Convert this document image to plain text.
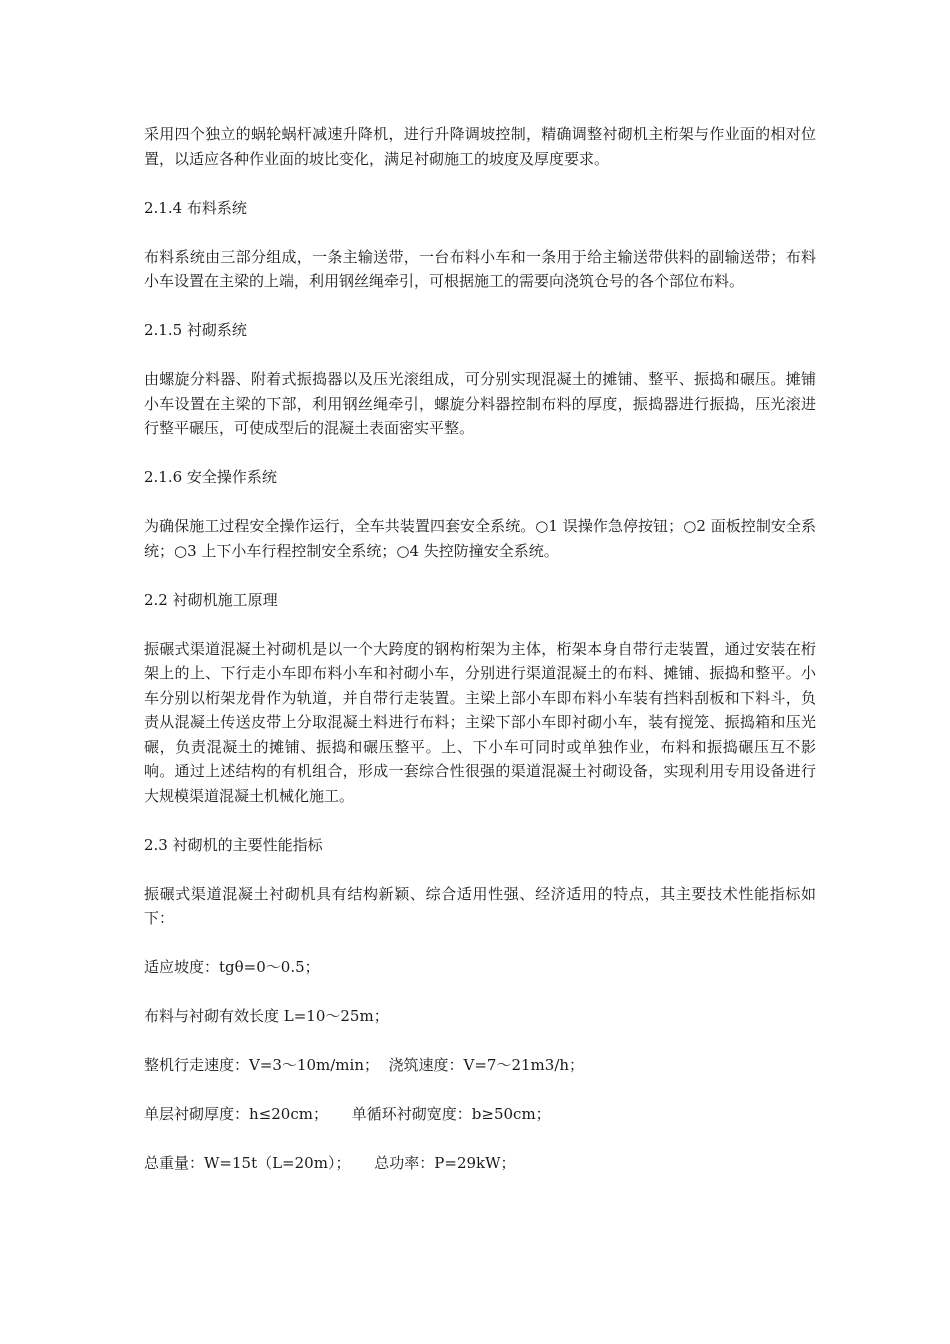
采用四个独立的蜗轮蜗杆减速升降机，进行升降调坡控制，精确调整衬砌机主桁架与作业面的相对位置，以适应各种作业面的坡比变化，满足衬砌施工的坡度及厚度要求。

2.1.4 布料系统

布料系统由三部分组成，一条主输送带，一台布料小车和一条用于给主输送带供料的副输送带；布料小车设置在主梁的上端，利用钢丝绳牵引，可根据施工的需要向浇筑仓号的各个部位布料。

2.1.5 衬砌系统

由螺旋分料器、附着式振捣器以及压光滚组成，可分别实现混凝土的摊铺、整平、振捣和碾压。摊铺小车设置在主梁的下部，利用钢丝绳牵引，螺旋分料器控制布料的厚度，振捣器进行振捣，压光滚进行整平碾压，可使成型后的混凝土表面密实平整。

2.1.6 安全操作系统

为确保施工过程安全操作运行，全车共装置四套安全系统。○1 误操作急停按钮；○2 面板控制安全系统；○3 上下小车行程控制安全系统；○4 失控防撞安全系统。

2.2 衬砌机施工原理

振碾式渠道混凝土衬砌机是以一个大跨度的钢构桁架为主体，桁架本身自带行走装置，通过安装在桁架上的上、下行走小车即布料小车和衬砌小车，分别进行渠道混凝土的布料、摊铺、振捣和整平。小车分别以桁架龙骨作为轨道，并自带行走装置。主梁上部小车即布料小车装有挡料刮板和下料斗，负责从混凝土传送皮带上分取混凝土料进行布料；主梁下部小车即衬砌小车，装有搅笼、振捣箱和压光碾，负责混凝土的摊铺、振捣和碾压整平。上、下小车可同时或单独作业，布料和振捣碾压互不影响。通过上述结构的有机组合，形成一套综合性很强的渠道混凝土衬砌设备，实现利用专用设备进行大规模渠道混凝土机械化施工。

2.3 衬砌机的主要性能指标

振碾式渠道混凝土衬砌机具有结构新颖、综合适用性强、经济适用的特点，其主要技术性能指标如下：

适应坡度：tgθ=0～0.5；

布料与衬砌有效长度 L=10～25m；

整机行走速度：V=3～10m/min；  浇筑速度：V=7～21m3/h；

单层衬砌厚度：h≤20cm；     单循环衬砌宽度：b≥50cm；

总重量：W=15t（L=20m）；     总功率：P=29kW；
